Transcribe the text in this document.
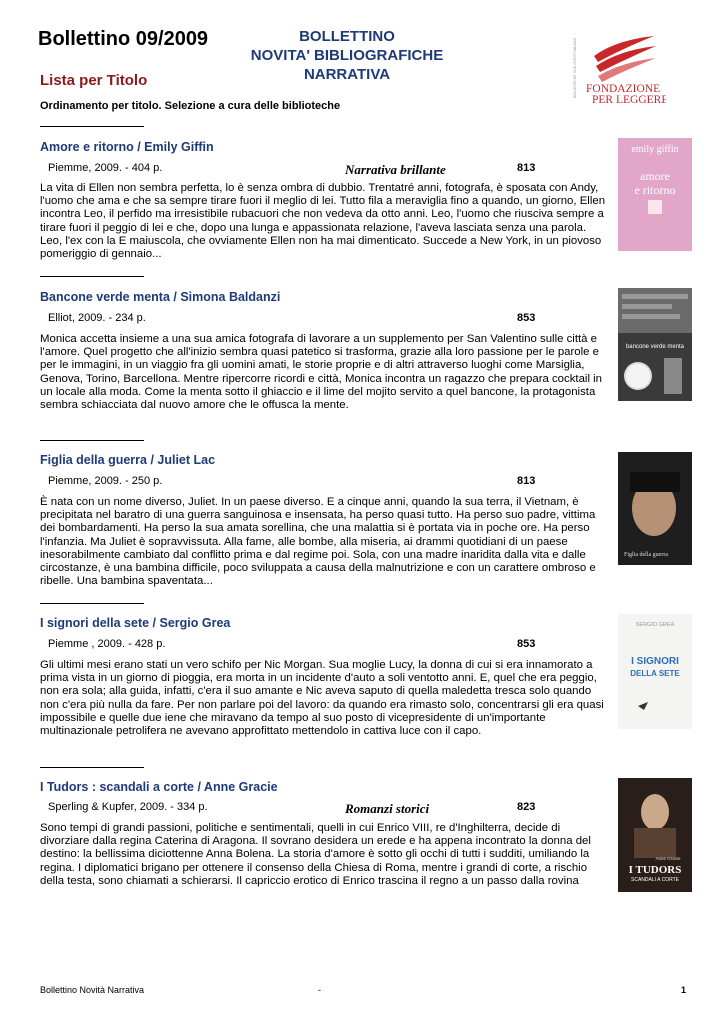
Bollettino 09/2009	BOLLETTINO
NOVITA' BIBLIOGRAFICHE
NARRATIVA
Lista per Titolo
Ordinamento per titolo. Selezione a cura delle biblioteche
BIBLIOTECHE SUD OVEST MILANO FONDAZIONE
PER LEGGERE
Amore e ritorno / Emily Giffin
Piemme, 2009. - 404 p.	Narrativa brillante	813
La vita di Ellen non sembra perfetta, lo è senza ombra di dubbio. Trentatré anni, fotografa, è sposata con Andy, l'uomo che ama e che sa sempre tirare fuori il meglio di lei. Tutto fila a meraviglia fino a quando, un giorno, Ellen incontra Leo, il perfido ma irresistibile rubacuori che non vedeva da otto anni. Leo, l'uomo che riusciva sempre a tirare fuori il peggio di lei e che, dopo una lunga e appassionata relazione, l'aveva lasciata senza una parola. Leo, l'ex con la E maiuscola, che ovviamente Ellen non ha mai dimenticato. Succede a New York, in un piovoso pomeriggio di gennaio...
emily giffin
amore
e ritorno
Bancone verde menta / Simona Baldanzi
Elliot, 2009. - 234 p.	853
Monica accetta insieme a una sua amica fotografa di lavorare a un supplemento per San Valentino sulle città e l'amore. Quel progetto che all'inizio sembra quasi patetico si trasforma, grazie alla loro passione per le parole e per le immagini, in un viaggio fra gli uomini amati, le storie proprie e di altri attraverso luoghi come Marsiglia, Genova, Torino, Barcellona. Mentre ripercorre ricordi e città, Monica incontra un ragazzo che prepara cocktail in un locale alla moda. Come la menta sotto il ghiaccio e il lime del mojito servito a quel bancone, la protagonista sembra schiacciata dal nuovo amore che le offusca la mente.
bancone verde menta
Figlia della guerra / Juliet Lac
Piemme, 2009. - 250 p.	813
È nata con un nome diverso, Juliet. In un paese diverso. E a cinque anni, quando la sua terra, il Vietnam, è precipitata nel baratro di una guerra sanguinosa e insensata, ha perso quasi tutto. Ha perso suo padre, vittima dei bombardamenti. Ha perso la sua amata sorellina, che una malattia si è portata via in poche ore. Ha perso l'infanzia. Ma Juliet è sopravvissuta. Alla fame, alle bombe, alla miseria, ai drammi quotidiani di un paese inesorabilmente cambiato dal conflitto prima e dal regime poi. Sola, con una madre inaridita dalla vita e dalle circostanze, è una bambina difficile, poco sviluppata a causa della malnutrizione e con un carattere ombroso e ribelle. Una bambina spaventata...
Figlia della guerra
I signori della sete / Sergio Grea
Piemme , 2009. - 428 p.	853
Gli ultimi mesi erano stati un vero schifo per Nic Morgan. Sua moglie Lucy, la donna di cui si era innamorato a prima vista in un giorno di pioggia, era morta in un incidente d'auto a soli ventotto anni. E, quel che era peggio, non era sola; alla guida, infatti, c'era il suo amante e Nic aveva saputo di quella maledetta tresca solo quando non c'era più nulla da fare. Per non parlare poi del lavoro: da quando era rimasto solo, concentrarsi gli era quasi impossibile e quelle due iene che miravano da tempo al suo posto di vicepresidente di un'importante multinazionale petrolifera ne avevano approfittato mettendolo in cattiva luce con il capo.
SERGIO GREA
I SIGNORI
DELLA SETE
I Tudors : scandali a corte / Anne Gracie
Sperling & Kupfer, 2009. - 334 p.	Romanzi storici	823
Sono tempi di grandi passioni, politiche e sentimentali, quelli in cui Enrico VIII, re d'Inghilterra, decide di divorziare dalla regina Caterina di Aragona. Il sovrano desidera un erede e ha appena incontrato la donna del destino: la bellissima diciottenne Anna Bolena. La storia d'amore è sotto gli occhi di tutti i sudditi, umiliando la regina. I diplomatici brigano per ottenere il consenso della Chiesa di Roma, mentre i grandi di corte, a rischio della testa, sono chiamati a schierarsi. Il capriccio erotico di Enrico trascina il regno a un passo dalla rovina
Anne Gracie
I TUDORS
SCANDALI A CORTE
Bollettino Novità Narrativa	-	1
